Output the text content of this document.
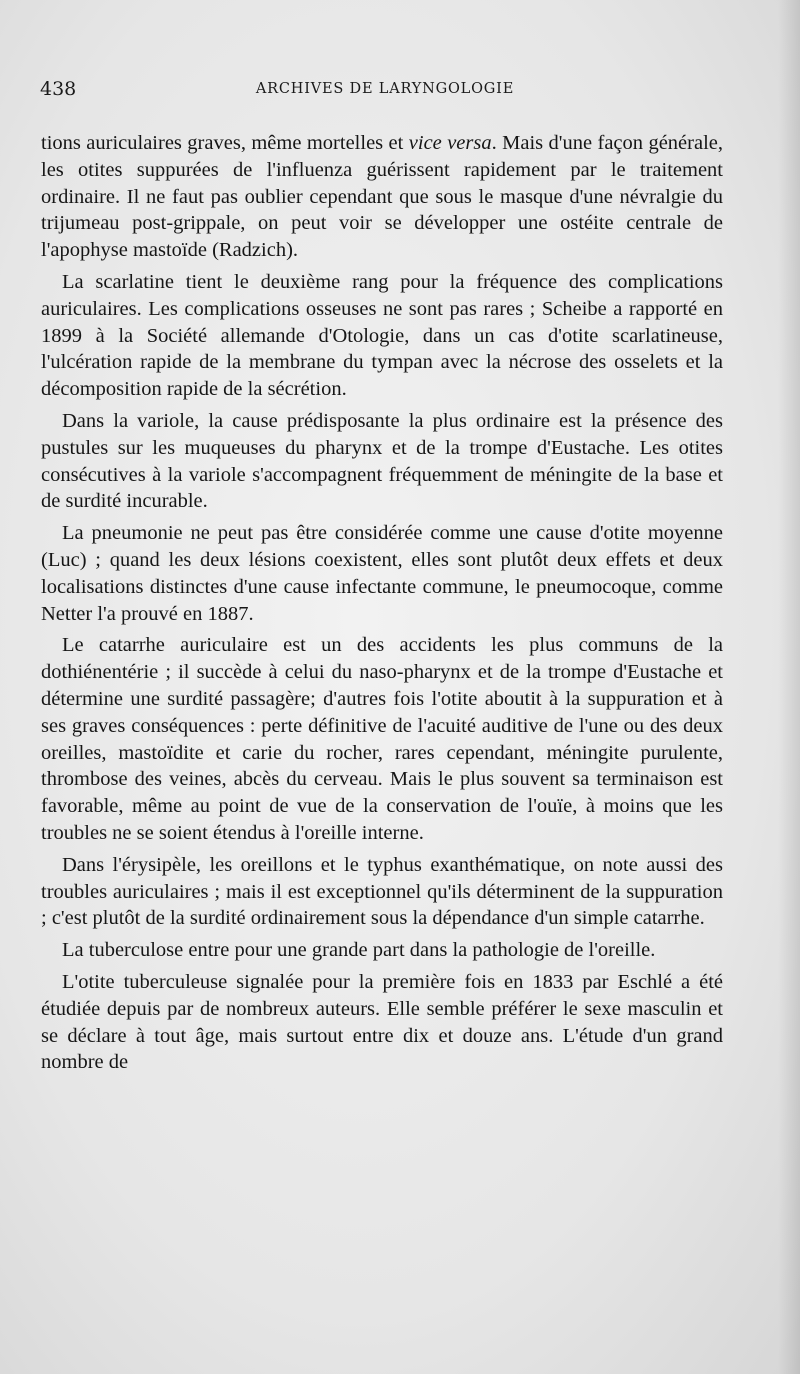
438	ARCHIVES DE LARYNGOLOGIE

tions auriculaires graves, même mortelles et vice versa. Mais d'une façon générale, les otites suppurées de l'influenza guérissent rapidement par le traitement ordinaire. Il ne faut pas oublier cependant que sous le masque d'une névralgie du trijumeau post-grippale, on peut voir se développer une ostéite centrale de l'apophyse mastoïde (Radzich).

La scarlatine tient le deuxième rang pour la fréquence des complications auriculaires. Les complications osseuses ne sont pas rares ; Scheibe a rapporté en 1899 à la Société allemande d'Otologie, dans un cas d'otite scarlatineuse, l'ulcération rapide de la membrane du tympan avec la nécrose des osselets et la décomposition rapide de la sécrétion.

Dans la variole, la cause prédisposante la plus ordinaire est la présence des pustules sur les muqueuses du pharynx et de la trompe d'Eustache. Les otites consécutives à la variole s'accompagnent fréquemment de méningite de la base et de surdité incurable.

La pneumonie ne peut pas être considérée comme une cause d'otite moyenne (Luc) ; quand les deux lésions coexistent, elles sont plutôt deux effets et deux localisations distinctes d'une cause infectante commune, le pneumocoque, comme Netter l'a prouvé en 1887.

Le catarrhe auriculaire est un des accidents les plus communs de la dothiénentérie ; il succède à celui du naso-pharynx et de la trompe d'Eustache et détermine une surdité passagère; d'autres fois l'otite aboutit à la suppuration et à ses graves conséquences : perte définitive de l'acuité auditive de l'une ou des deux oreilles, mastoïdite et carie du rocher, rares cependant, méningite purulente, thrombose des veines, abcès du cerveau. Mais le plus souvent sa terminaison est favorable, même au point de vue de la conservation de l'ouïe, à moins que les troubles ne se soient étendus à l'oreille interne.

Dans l'érysipèle, les oreillons et le typhus exanthématique, on note aussi des troubles auriculaires ; mais il est exceptionnel qu'ils déterminent de la suppuration ; c'est plutôt de la surdité ordinairement sous la dépendance d'un simple catarrhe.

La tuberculose entre pour une grande part dans la pathologie de l'oreille.

L'otite tuberculeuse signalée pour la première fois en 1833 par Eschlé a été étudiée depuis par de nombreux auteurs. Elle semble préférer le sexe masculin et se déclare à tout âge, mais surtout entre dix et douze ans. L'étude d'un grand nombre de
